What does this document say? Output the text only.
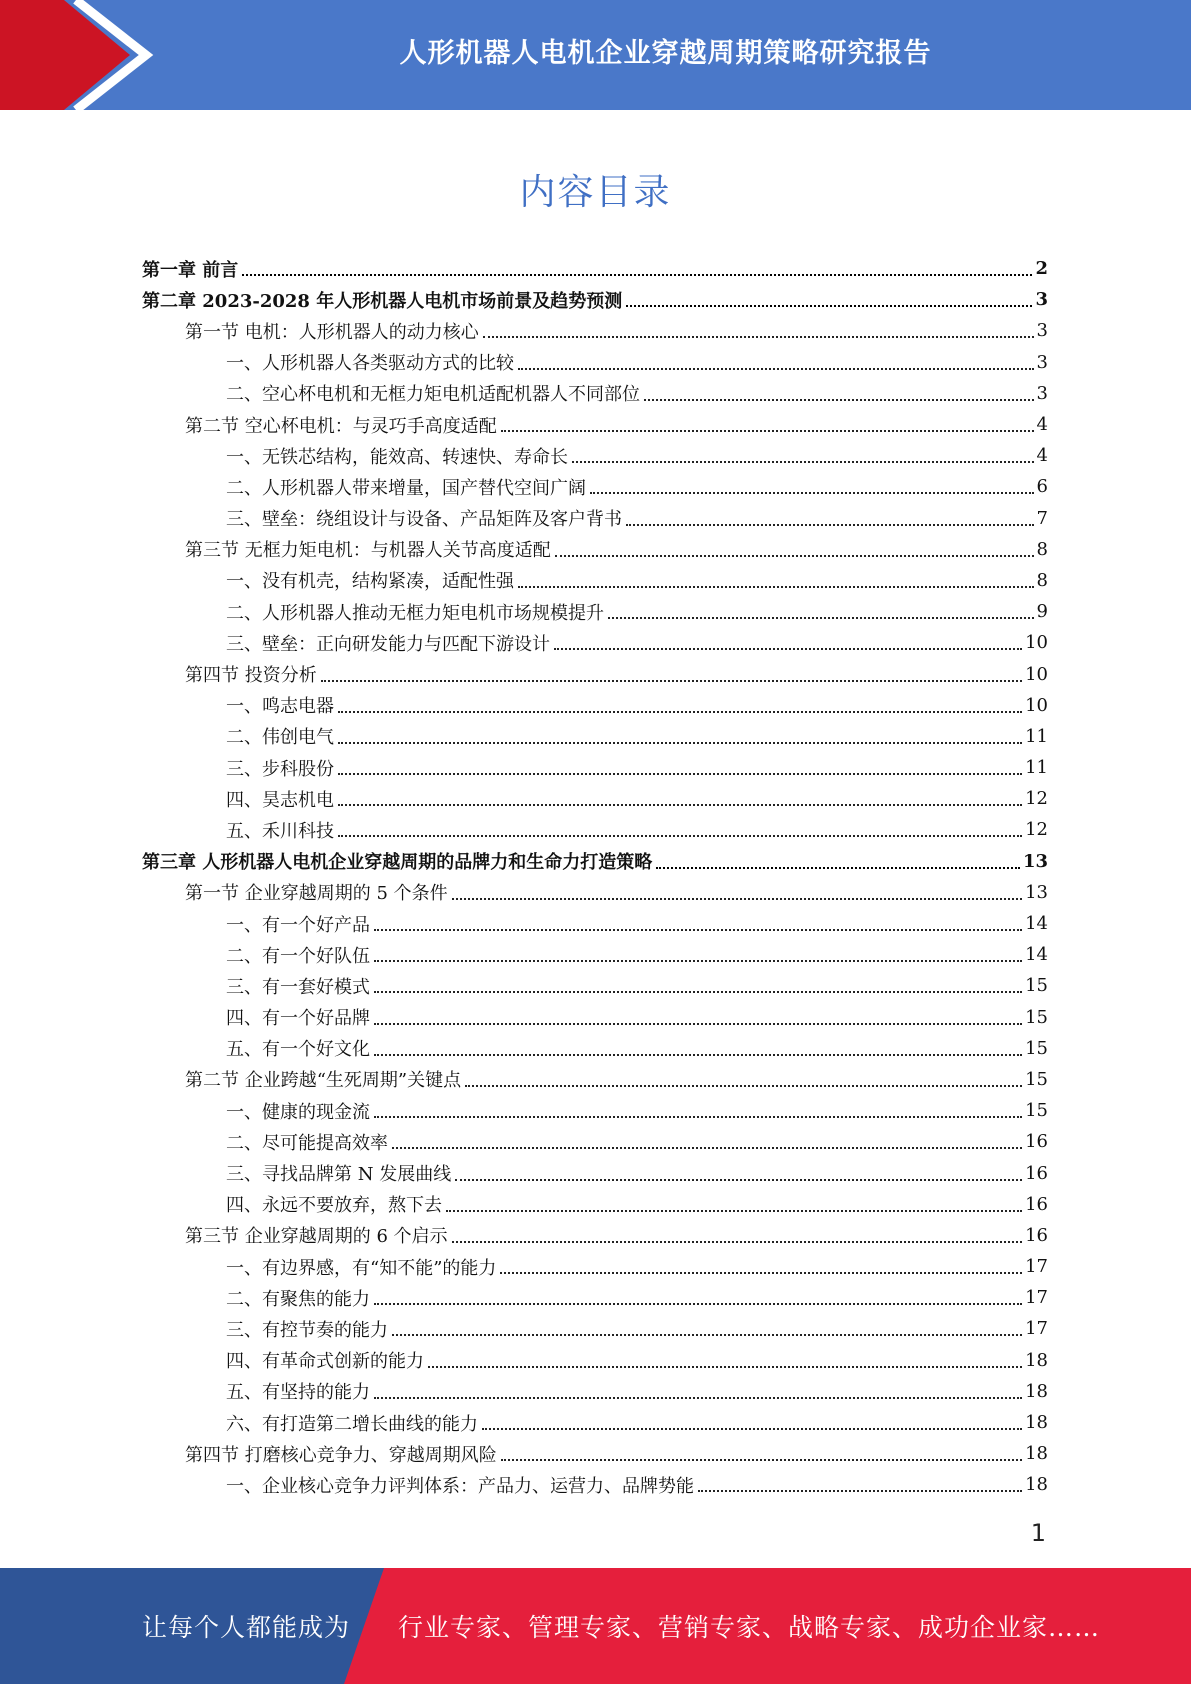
人形机器人电机企业穿越周期策略研究报告
内容目录
第一章 前言	2
第二章 2023-2028 年人形机器人电机市场前景及趋势预测	3
第一节 电机：人形机器人的动力核心	3
一、人形机器人各类驱动方式的比较	3
二、空心杯电机和无框力矩电机适配机器人不同部位	3
第二节 空心杯电机：与灵巧手高度适配	4
一、无铁芯结构，能效高、转速快、寿命长	4
二、人形机器人带来增量，国产替代空间广阔	6
三、壁垒：绕组设计与设备、产品矩阵及客户背书	7
第三节 无框力矩电机：与机器人关节高度适配	8
一、没有机壳，结构紧凑，适配性强	8
二、人形机器人推动无框力矩电机市场规模提升	9
三、壁垒：正向研发能力与匹配下游设计	10
第四节 投资分析	10
一、鸣志电器	10
二、伟创电气	11
三、步科股份	11
四、昊志机电	12
五、禾川科技	12
第三章 人形机器人电机企业穿越周期的品牌力和生命力打造策略	13
第一节 企业穿越周期的 5 个条件	13
一、有一个好产品	14
二、有一个好队伍	14
三、有一套好模式	15
四、有一个好品牌	15
五、有一个好文化	15
第二节 企业跨越“生死周期”关键点	15
一、健康的现金流	15
二、尽可能提高效率	16
三、寻找品牌第 N 发展曲线	16
四、永远不要放弃，熬下去	16
第三节 企业穿越周期的 6 个启示	16
一、有边界感，有“知不能”的能力	17
二、有聚焦的能力	17
三、有控节奏的能力	17
四、有革命式创新的能力	18
五、有坚持的能力	18
六、有打造第二增长曲线的能力	18
第四节 打磨核心竞争力、穿越周期风险	18
一、企业核心竞争力评判体系：产品力、运营力、品牌势能	18
1
让每个人都能成为 行业专家、管理专家、营销专家、战略专家、成功企业家……
